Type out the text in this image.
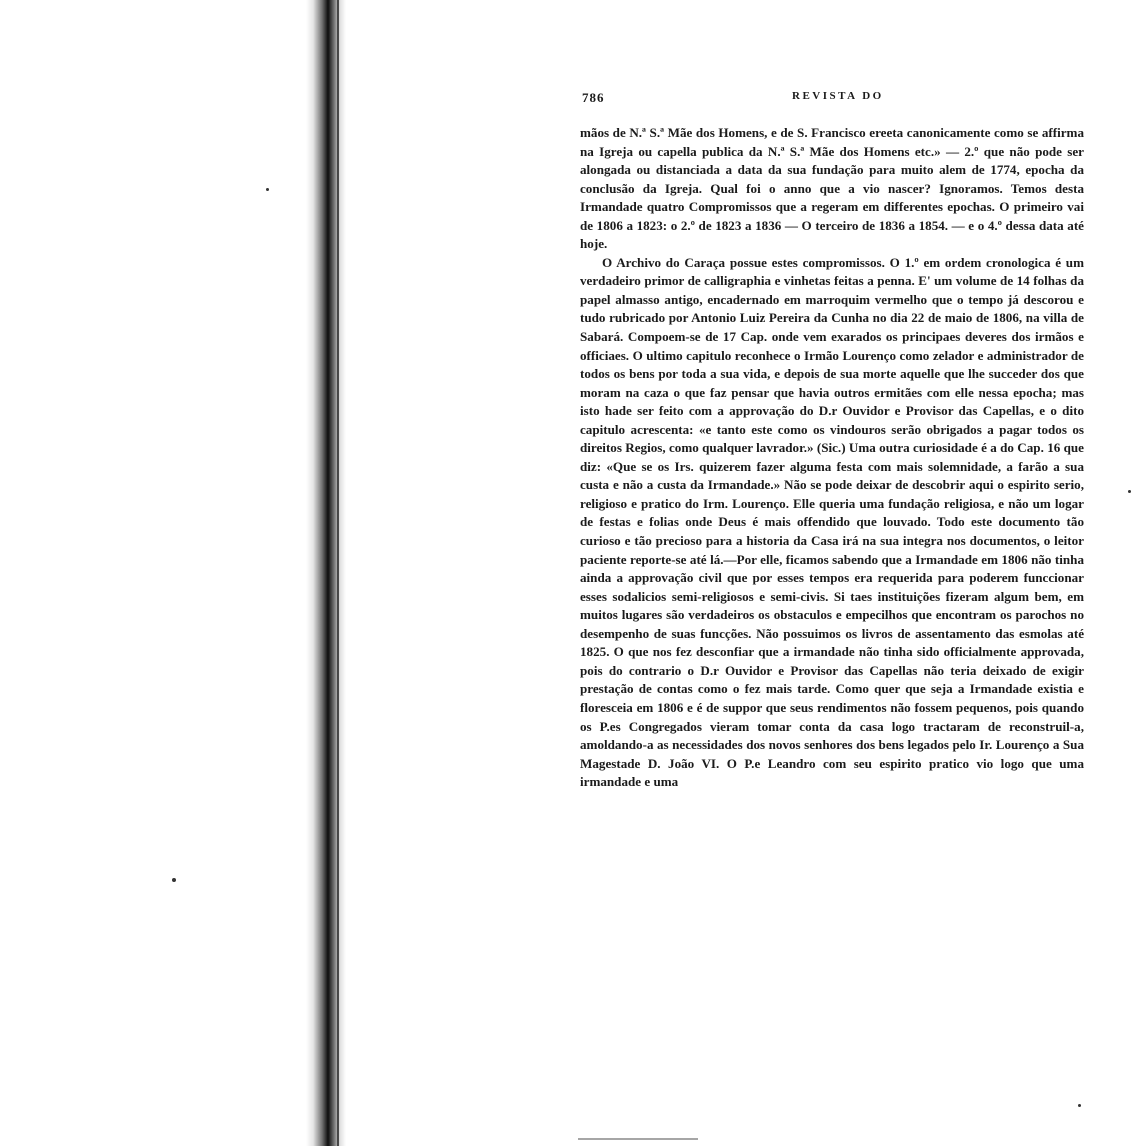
786	REVISTA DO

mãos de N.ª S.ª Mãe dos Homens, e de S. Francisco ereeta canonicamente como se affirma na Igreja ou capella publica da N.ª S.ª Mãe dos Homens etc.» — 2.º que não pode ser alongada ou distanciada a data da sua fundação para muito alem de 1774, epocha da conclusão da Igreja. Qual foi o anno que a vio nascer? Ignoramos. Temos desta Irmandade quatro Compromissos que a regeram em differentes epochas. O primeiro vai de 1806 a 1823: o 2.º de 1823 a 1836 — O terceiro de 1836 a 1854. — e o 4.º dessa data até hoje.

O Archivo do Caraça possue estes compromissos. O 1.º em ordem cronologica é um verdadeiro primor de calligraphia e vinhetas feitas a penna. E' um volume de 14 folhas da papel almasso antigo, encadernado em marroquim vermelho que o tempo já descorou e tudo rubricado por Antonio Luiz Pereira da Cunha no dia 22 de maio de 1806, na villa de Sabará. Compoem-se de 17 Cap. onde vem exarados os principaes deveres dos irmãos e officiaes. O ultimo capitulo reconhece o Irmão Lourenço como zelador e administrador de todos os bens por toda a sua vida, e depois de sua morte aquelle que lhe succeder dos que moram na caza o que faz pensar que havia outros ermitães com elle nessa epocha; mas isto hade ser feito com a approvação do D.r Ouvidor e Provisor das Capellas, e o dito capitulo acrescenta: «e tanto este como os vindouros serão obrigados a pagar todos os direitos Regios, como qualquer lavrador.» (Sic.) Uma outra curiosidade é a do Cap. 16 que diz: «Que se os Irs. quizerem fazer alguma festa com mais solemnidade, a farão a sua custa e não a custa da Irmandade.» Não se pode deixar de descobrir aqui o espirito serio, religioso e pratico do Irm. Lourenço. Elle queria uma fundação religiosa, e não um logar de festas e folias onde Deus é mais offendido que louvado. Todo este documento tão curioso e tão precioso para a historia da Casa irá na sua integra nos documentos, o leitor paciente reporte-se até lá.—Por elle, ficamos sabendo que a Irmandade em 1806 não tinha ainda a approvação civil que por esses tempos era requerida para poderem funccionar esses sodalicios semi-religiosos e semi-civis. Si taes instituições fizeram algum bem, em muitos lugares são verdadeiros os obstaculos e empecilhos que encontram os parochos no desempenho de suas funcções. Não possuimos os livros de assentamento das esmolas até 1825. O que nos fez desconfiar que a irmandade não tinha sido officialmente approvada, pois do contrario o D.r Ouvidor e Provisor das Capellas não teria deixado de exigir prestação de contas como o fez mais tarde. Como quer que seja a Irmandade existia e floresceia em 1806 e é de suppor que seus rendimentos não fossem pequenos, pois quando os P.es Congregados vieram tomar conta da casa logo tractaram de reconstruil-a, amoldando-a as necessidades dos novos senhores dos bens legados pelo Ir. Lourenço a Sua Magestade D. João VI. O P.e Leandro com seu espirito pratico vio logo que uma irmandade e uma
